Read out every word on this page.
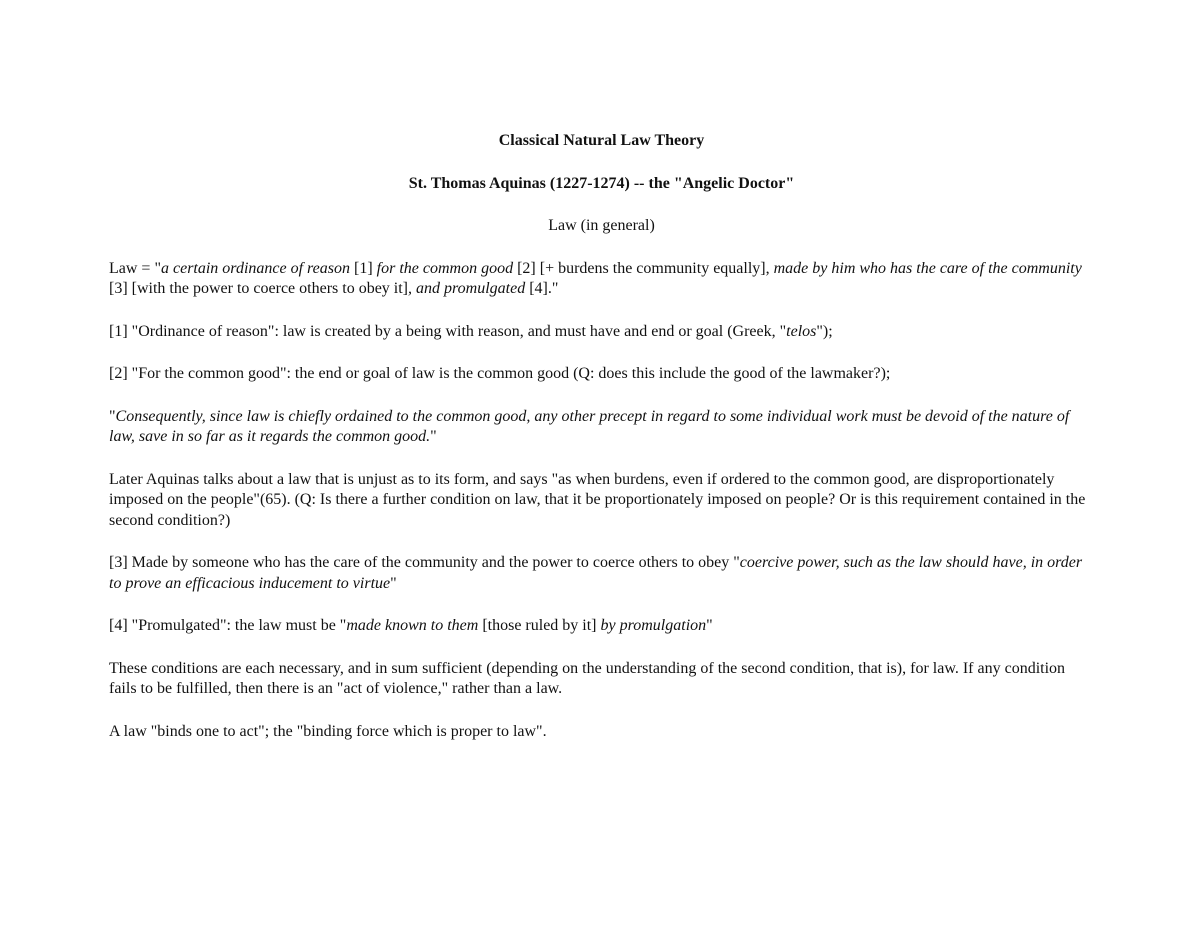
Classical Natural Law Theory

St. Thomas Aquinas (1227-1274) -- the "Angelic Doctor"

Law (in general)

Law = "a certain ordinance of reason [1] for the common good [2] [+ burdens the community equally], made by him who has the care of the community [3] [with the power to coerce others to obey it], and promulgated [4]."

[1] "Ordinance of reason": law is created by a being with reason, and must have and end or goal (Greek, "telos");

[2] "For the common good": the end or goal of law is the common good (Q: does this include the good of the lawmaker?);

"Consequently, since law is chiefly ordained to the common good, any other precept in regard to some individual work must be devoid of the nature of law, save in so far as it regards the common good."

Later Aquinas talks about a law that is unjust as to its form, and says "as when burdens, even if ordered to the common good, are disproportionately imposed on the people"(65). (Q: Is there a further condition on law, that it be proportionately imposed on people? Or is this requirement contained in the second condition?)

[3] Made by someone who has the care of the community and the power to coerce others to obey "coercive power, such as the law should have, in order to prove an efficacious inducement to virtue"

[4] "Promulgated": the law must be "made known to them [those ruled by it] by promulgation"

These conditions are each necessary, and in sum sufficient (depending on the understanding of the second condition, that is), for law. If any condition fails to be fulfilled, then there is an "act of violence," rather than a law.

A law "binds one to act"; the "binding force which is proper to law".
